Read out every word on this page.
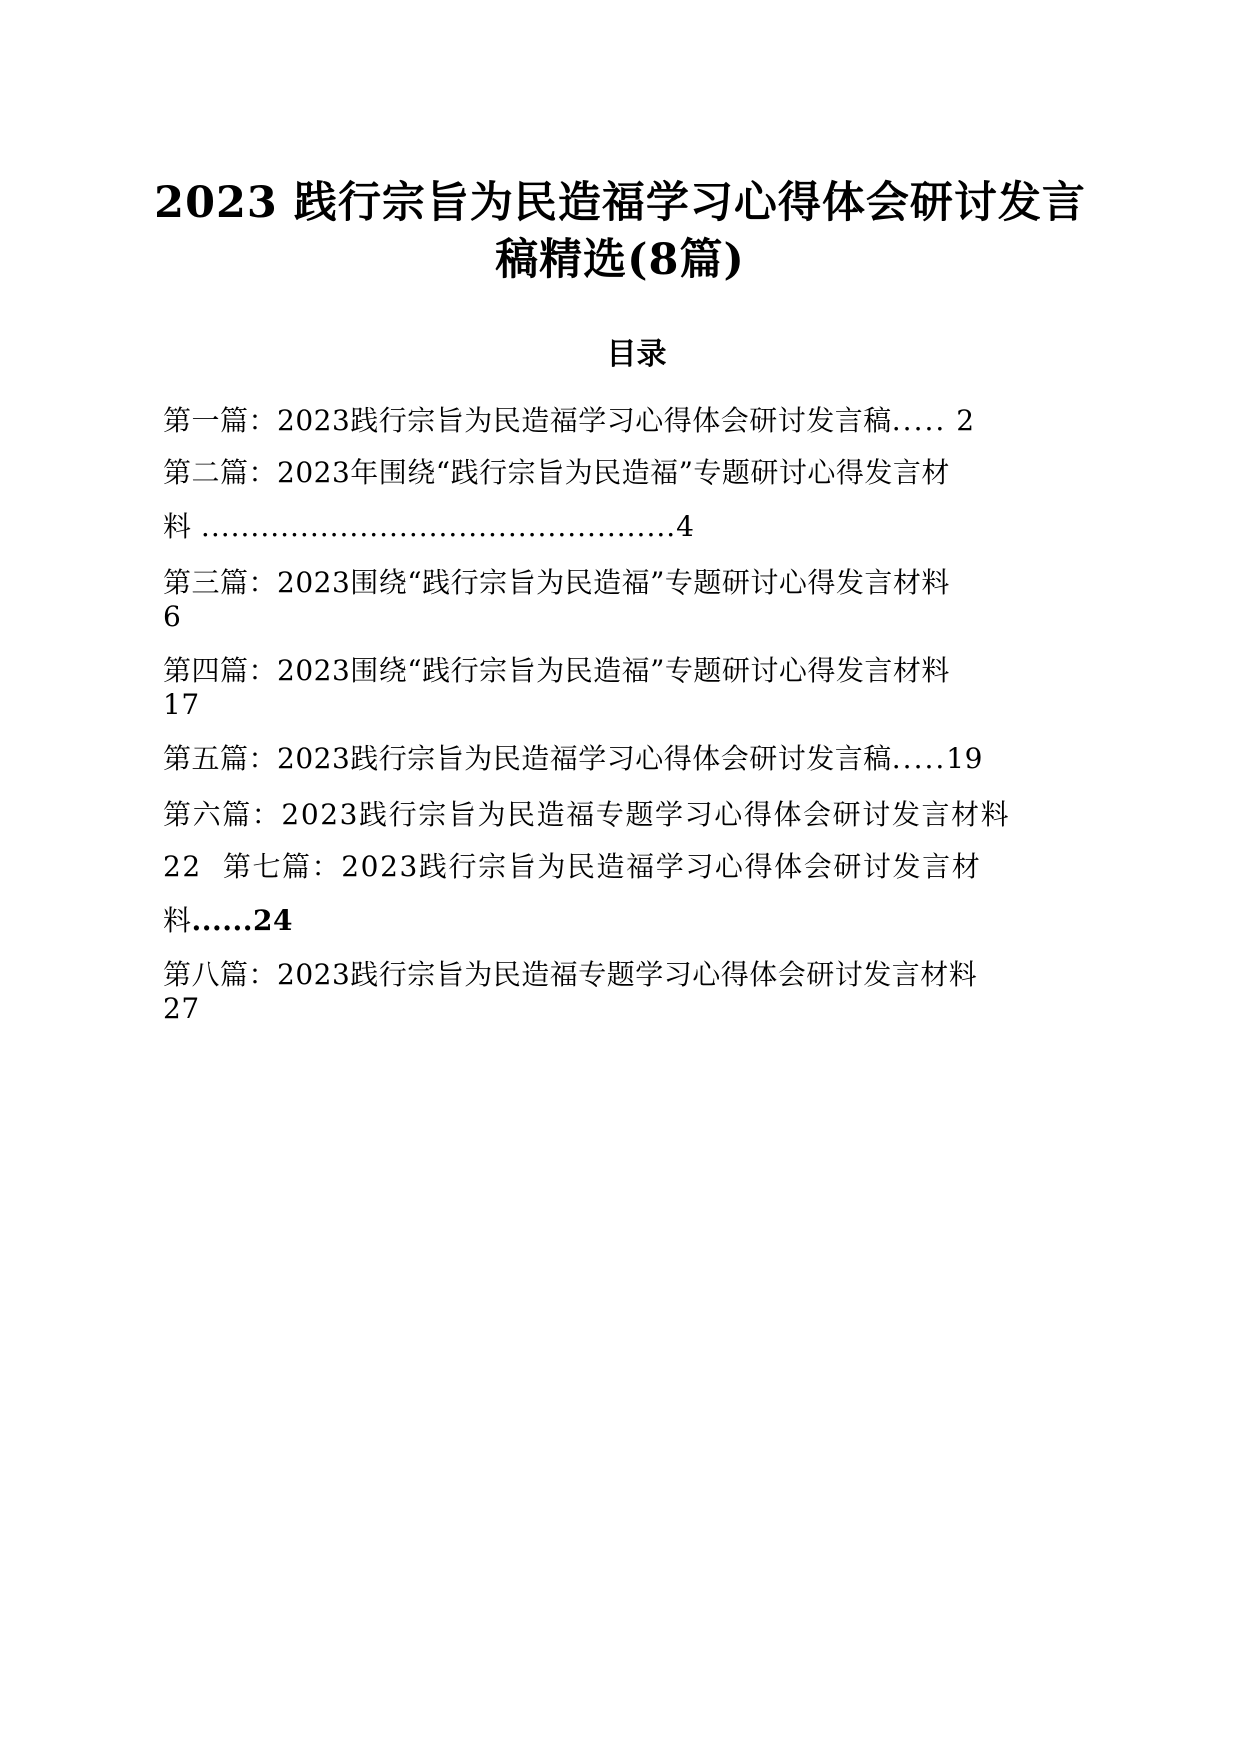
2023 践行宗旨为民造福学习心得体会研讨发言
稿精选(8篇)
目录
第一篇：2023践行宗旨为民造福学习心得体会研讨发言稿..... 2
第二篇：2023年围绕“践行宗旨为民造福”专题研讨心得发言材
料 ................................................4
第三篇：2023围绕“践行宗旨为民造福”专题研讨心得发言材料
6
第四篇：2023围绕“践行宗旨为民造福”专题研讨心得发言材料
17
第五篇：2023践行宗旨为民造福学习心得体会研讨发言稿.....19
第六篇：2023践行宗旨为民造福专题学习心得体会研讨发言材料
22 第七篇：2023践行宗旨为民造福学习心得体会研讨发言材
料......24
第八篇：2023践行宗旨为民造福专题学习心得体会研讨发言材料
27
